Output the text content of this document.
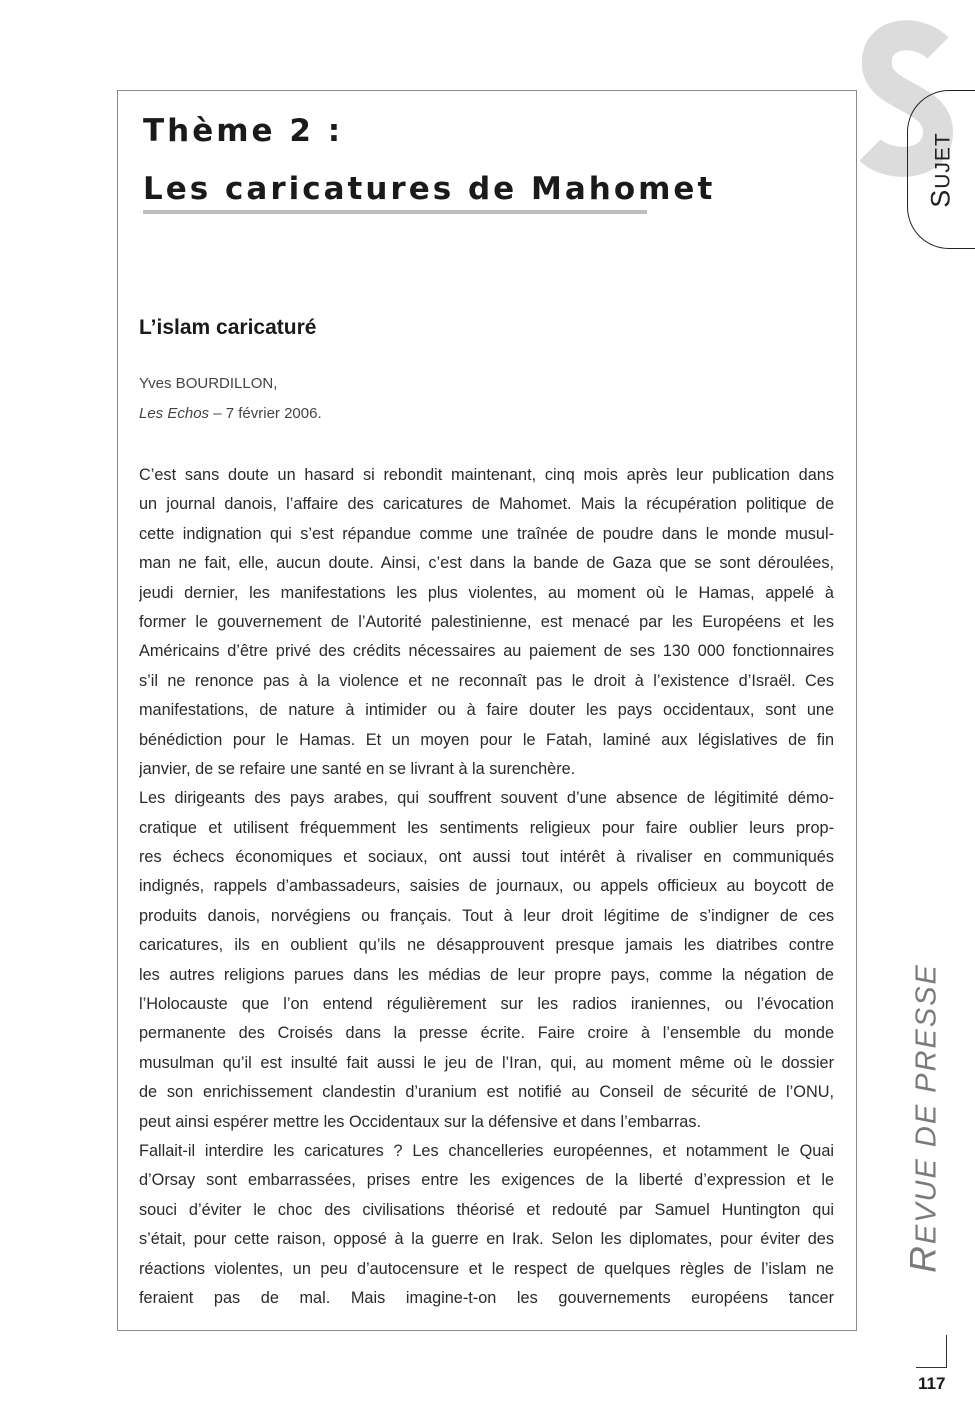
SUJET
Thème 2 :
Les caricatures de Mahomet
L’islam caricaturé
Yves BOURDILLON,
Les Echos – 7 février 2006.
C’est sans doute un hasard si rebondit maintenant, cinq mois après leur publication dans
un journal danois, l’affaire des caricatures de Mahomet. Mais la récupération politique de
cette indignation qui s’est répandue comme une traînée de poudre dans le monde musul-
man ne fait, elle, aucun doute. Ainsi, c’est dans la bande de Gaza que se sont déroulées,
jeudi dernier, les manifestations les plus violentes, au moment où le Hamas, appelé à
former le gouvernement de l’Autorité palestinienne, est menacé par les Européens et les
Américains d’être privé des crédits nécessaires au paiement de ses 130 000 fonctionnaires
s’il ne renonce pas à la violence et ne reconnaît pas le droit à l’existence d’Israël. Ces
manifestations, de nature à intimider ou à faire douter les pays occidentaux, sont une
bénédiction pour le Hamas. Et un moyen pour le Fatah, laminé aux législatives de fin
janvier, de se refaire une santé en se livrant à la surenchère.
Les dirigeants des pays arabes, qui souffrent souvent d’une absence de légitimité démo-
cratique et utilisent fréquemment les sentiments religieux pour faire oublier leurs prop-
res échecs économiques et sociaux, ont aussi tout intérêt à rivaliser en communiqués
indignés, rappels d’ambassadeurs, saisies de journaux, ou appels officieux au boycott de
produits danois, norvégiens ou français. Tout à leur droit légitime de s’indigner de ces
caricatures, ils en oublient qu’ils ne désapprouvent presque jamais les diatribes contre
les autres religions parues dans les médias de leur propre pays, comme la négation de
l’Holocauste que l’on entend régulièrement sur les radios iraniennes, ou l’évocation
permanente des Croisés dans la presse écrite. Faire croire à l’ensemble du monde
musulman qu’il est insulté fait aussi le jeu de l’Iran, qui, au moment même où le dossier
de son enrichissement clandestin d’uranium est notifié au Conseil de sécurité de l’ONU,
peut ainsi espérer mettre les Occidentaux sur la défensive et dans l’embarras.
Fallait-il interdire les caricatures ? Les chancelleries européennes, et notamment le Quai
d’Orsay sont embarrassées, prises entre les exigences de la liberté d’expression et le
souci d’éviter le choc des civilisations théorisé et redouté par Samuel Huntington qui
s’était, pour cette raison, opposé à la guerre en Irak. Selon les diplomates, pour éviter des
réactions violentes, un peu d’autocensure et le respect de quelques règles de l’islam ne
feraient pas de mal. Mais imagine-t-on les gouvernements européens tancer
REVUE DE PRESSE
117
